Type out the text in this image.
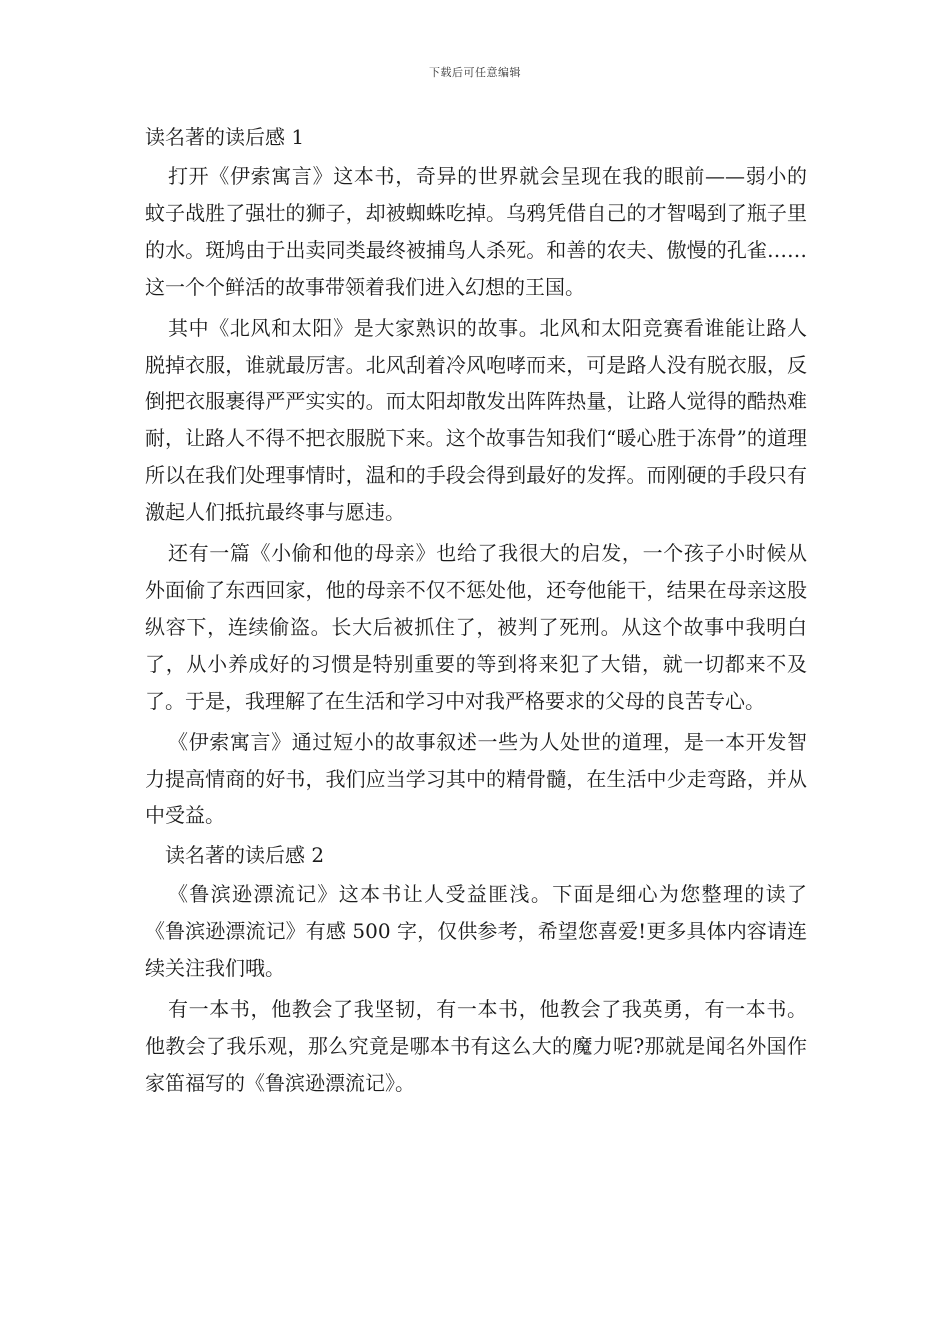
下载后可任意编辑
读名著的读后感 1

打开《伊索寓言》这本书，奇异的世界就会呈现在我的眼前——弱小的蚊子战胜了强壮的狮子，却被蜘蛛吃掉。乌鸦凭借自己的才智喝到了瓶子里的水。斑鸠由于出卖同类最终被捕鸟人杀死。和善的农夫、傲慢的孔雀……这一个个鲜活的故事带领着我们进入幻想的王国。

其中《北风和太阳》是大家熟识的故事。北风和太阳竞赛看谁能让路人脱掉衣服，谁就最厉害。北风刮着冷风咆哮而来，可是路人没有脱衣服，反倒把衣服裹得严严实实的。而太阳却散发出阵阵热量，让路人觉得的酷热难耐，让路人不得不把衣服脱下来。这个故事告知我们“暖心胜于冻骨”的道理所以在我们处理事情时，温和的手段会得到最好的发挥。而刚硬的手段只有激起人们抵抗最终事与愿违。

还有一篇《小偷和他的母亲》也给了我很大的启发，一个孩子小时候从外面偷了东西回家，他的母亲不仅不惩处他，还夸他能干，结果在母亲这股纵容下，连续偷盗。长大后被抓住了，被判了死刑。从这个故事中我明白了，从小养成好的习惯是特别重要的等到将来犯了大错，就一切都来不及了。于是，我理解了在生活和学习中对我严格要求的父母的良苦专心。

《伊索寓言》通过短小的故事叙述一些为人处世的道理，是一本开发智力提高情商的好书，我们应当学习其中的精骨髓，在生活中少走弯路，并从中受益。

读名著的读后感 2

《鲁滨逊漂流记》这本书让人受益匪浅。下面是细心为您整理的读了《鲁滨逊漂流记》有感 500 字，仅供参考，希望您喜爱!更多具体内容请连续关注我们哦。

有一本书，他教会了我坚韧，有一本书，他教会了我英勇，有一本书。他教会了我乐观，那么究竟是哪本书有这么大的魔力呢?那就是闻名外国作家笛福写的《鲁滨逊漂流记》。
